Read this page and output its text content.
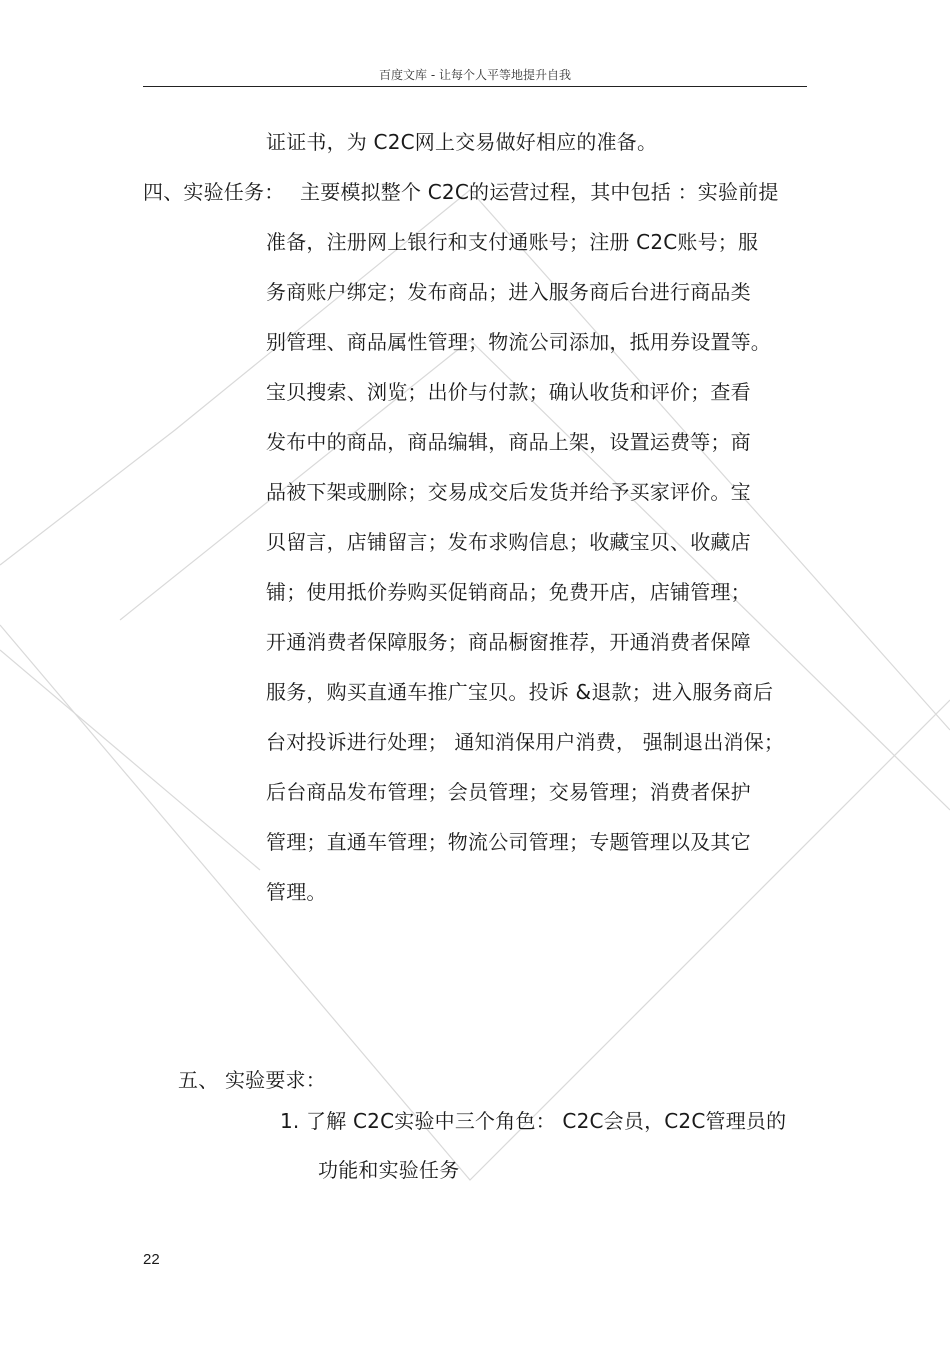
百度文库 - 让每个人平等地提升自我
证证书，为 C2C网上交易做好相应的准备。
四、实验任务： 主要模拟整个 C2C的运营过程，其中包括 ：实验前提
准备，注册网上银行和支付通账号；注册 C2C账号；服
务商账户绑定；发布商品；进入服务商后台进行商品类
别管理、商品属性管理；物流公司添加，抵用券设置等。
宝贝搜索、浏览；出价与付款；确认收货和评价；查看
发布中的商品，商品编辑，商品上架，设置运费等；商
品被下架或删除；交易成交后发货并给予买家评价。宝
贝留言，店铺留言；发布求购信息；收藏宝贝、收藏店
铺；使用抵价券购买促销商品；免费开店，店铺管理；
开通消费者保障服务；商品橱窗推荐，开通消费者保障
服务，购买直通车推广宝贝。投诉 &退款；进入服务商后
台对投诉进行处理； 通知消保用户消费， 强制退出消保；
后台商品发布管理；会员管理；交易管理；消费者保护
管理；直通车管理；物流公司管理；专题管理以及其它
管理。
五、 实验要求：
1. 了解 C2C实验中三个角色： C2C会员，C2C管理员的
功能和实验任务
22
